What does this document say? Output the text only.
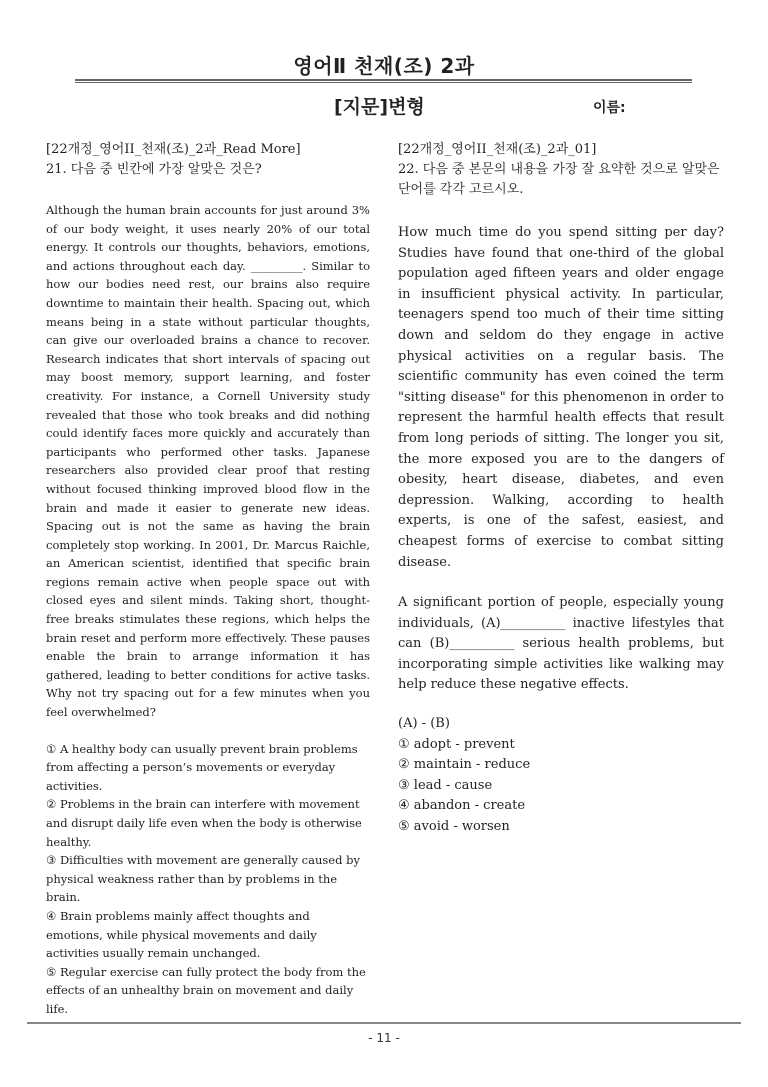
영어Ⅱ 천재(조) 2과
[지문]변형	이름:
[22개정_영어II_천재(조)_2과_Read More]
21. 다음 중 빈칸에 가장 알맞은 것은?
Although the human brain accounts for just around 3% of our body weight, it uses nearly 20% of our total energy. It controls our thoughts, behaviors, emotions, and actions throughout each day. _________. Similar to how our bodies need rest, our brains also require downtime to maintain their health. Spacing out, which means being in a state without particular thoughts, can give our overloaded brains a chance to recover. Research indicates that short intervals of spacing out may boost memory, support learning, and foster creativity. For instance, a Cornell University study revealed that those who took breaks and did nothing could identify faces more quickly and accurately than participants who performed other tasks. Japanese researchers also provided clear proof that resting without focused thinking improved blood flow in the brain and made it easier to generate new ideas. Spacing out is not the same as having the brain completely stop working. In 2001, Dr. Marcus Raichle, an American scientist, identified that specific brain regions remain active when people space out with closed eyes and silent minds. Taking short, thought-free breaks stimulates these regions, which helps the brain reset and perform more effectively. These pauses enable the brain to arrange information it has gathered, leading to better conditions for active tasks. Why not try spacing out for a few minutes when you feel overwhelmed?
① A healthy body can usually prevent brain problems from affecting a person’s movements or everyday activities.
② Problems in the brain can interfere with movement and disrupt daily life even when the body is otherwise healthy.
③ Difficulties with movement are generally caused by physical weakness rather than by problems in the brain.
④ Brain problems mainly affect thoughts and emotions, while physical movements and daily activities usually remain unchanged.
⑤ Regular exercise can fully protect the body from the effects of an unhealthy brain on movement and daily life.
[22개정_영어II_천재(조)_2과_01]
22. 다음 중 본문의 내용을 가장 잘 요약한 것으로 알맞은 단어를 각각 고르시오.
How much time do you spend sitting per day? Studies have found that one-third of the global population aged fifteen years and older engage in insufficient physical activity. In particular, teenagers spend too much of their time sitting down and seldom do they engage in active physical activities on a regular basis. The scientific community has even coined the term "sitting disease" for this phenomenon in order to represent the harmful health effects that result from long periods of sitting. The longer you sit, the more exposed you are to the dangers of obesity, heart disease, diabetes, and even depression. Walking, according to health experts, is one of the safest, easiest, and cheapest forms of exercise to combat sitting disease.
A significant portion of people, especially young individuals, (A)__________ inactive lifestyles that can (B)__________ serious health problems, but incorporating simple activities like walking may help reduce these negative effects.
(A) - (B)
① adopt - prevent
② maintain - reduce
③ lead - cause
④ abandon - create
⑤ avoid - worsen
- 11 -
